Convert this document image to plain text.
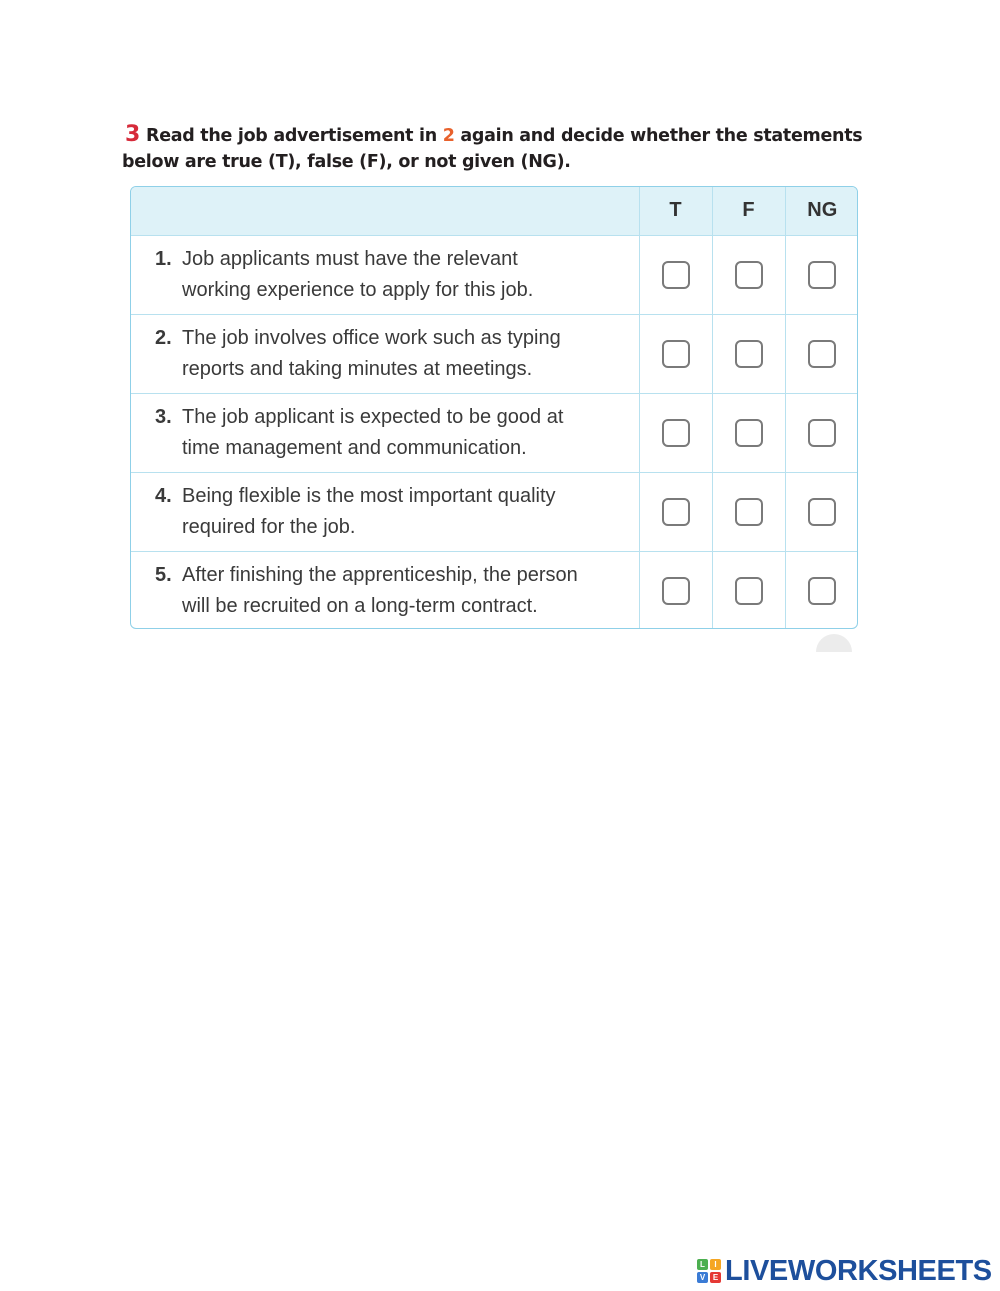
3 Read the job advertisement in 2 again and decide whether the statements below are true (T), false (F), or not given (NG).
	T	F	NG

1. Job applicants must have the relevant
working experience to apply for this job.			

2. The job involves office work such as typing
reports and taking minutes at meetings.			

3. The job applicant is expected to be good at
time management and communication.			

4. Being flexible is the most important quality
required for the job.			

5. After finishing the apprenticeship, the person
will be recruited on a long-term contract.			

L	I
V E LIVEWORKSHEETS
